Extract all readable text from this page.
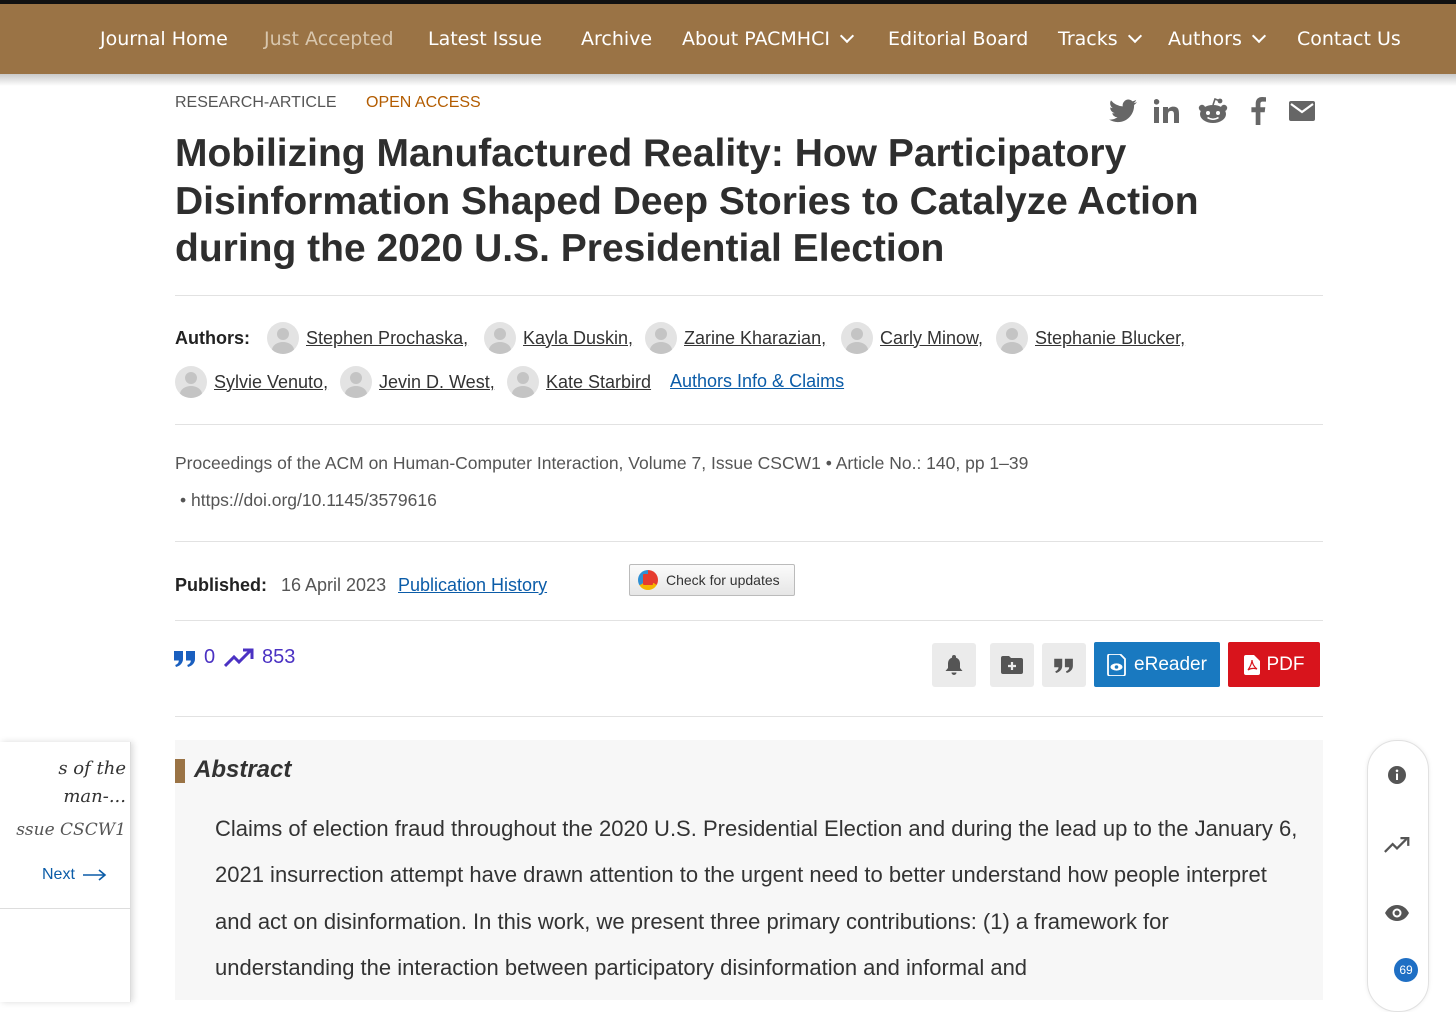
Journal Home Just Accepted Latest Issue Archive About PACMHCI	Editorial Board Tracks	Authors	Contact Us
RESEARCH-ARTICLE OPEN ACCESS
Mobilizing Manufactured Reality: How Participatory Disinformation Shaped Deep Stories to Catalyze Action during the 2020 U.S. Presidential Election
Authors:	Stephen Prochaska,	Kayla Duskin,	Zarine Kharazian,	Carly Minow,	Stephanie Blucker,
Sylvie Venuto,	Jevin D. West,	Kate Starbird Authors Info & Claims
Proceedings of the ACM on Human-Computer Interaction, Volume 7, Issue CSCW1 • Article No.: 140, pp 1–39
• https://doi.org/10.1145/3579616
Published: 16 April 2023 Publication History	Check for updates
0 853	eReader	PDF
Abstract

Claims of election fraud throughout the 2020 U.S. Presidential Election and during the lead up to the January 6, 2021 insurrection attempt have drawn attention to the urgent need to better understand how people interpret and act on disinformation. In this work, we present three primary contributions: (1) a framework for understanding the interaction between participatory disinformation and informal and

s of the
man-...
ssue CSCW1
Next
69
